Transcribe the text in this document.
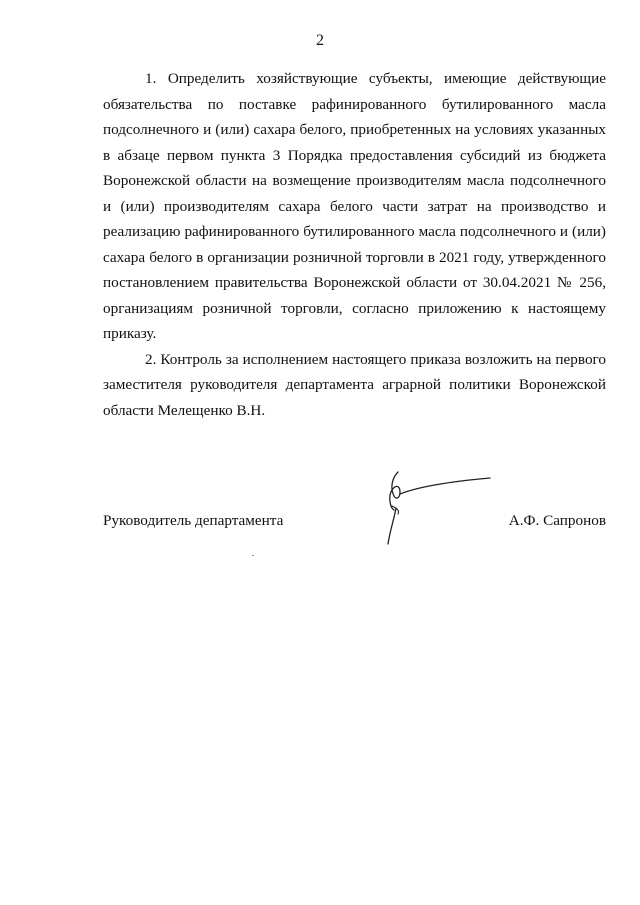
2

1. Определить хозяйствующие субъекты, имеющие действующие обязательства по поставке рафинированного бутилированного масла подсолнечного и (или) сахара белого, приобретенных на условиях указанных в абзаце первом пункта 3 Порядка предоставления субсидий из бюджета Воронежской области на возмещение производителям масла подсолнечного и (или) производителям сахара белого части затрат на производство и реализацию рафинированного бутилированного масла подсолнечного и (или) сахара белого в организации розничной торговли в 2021 году, утвержденного постановлением правительства Воронежской области от 30.04.2021 № 256, организациям розничной торговли, согласно приложению к настоящему приказу.

2. Контроль за исполнением настоящего приказа возложить на первого заместителя руководителя департамента аграрной политики Воронежской области Мелещенко В.Н.

Руководитель департамента	А.Ф. Сапронов
